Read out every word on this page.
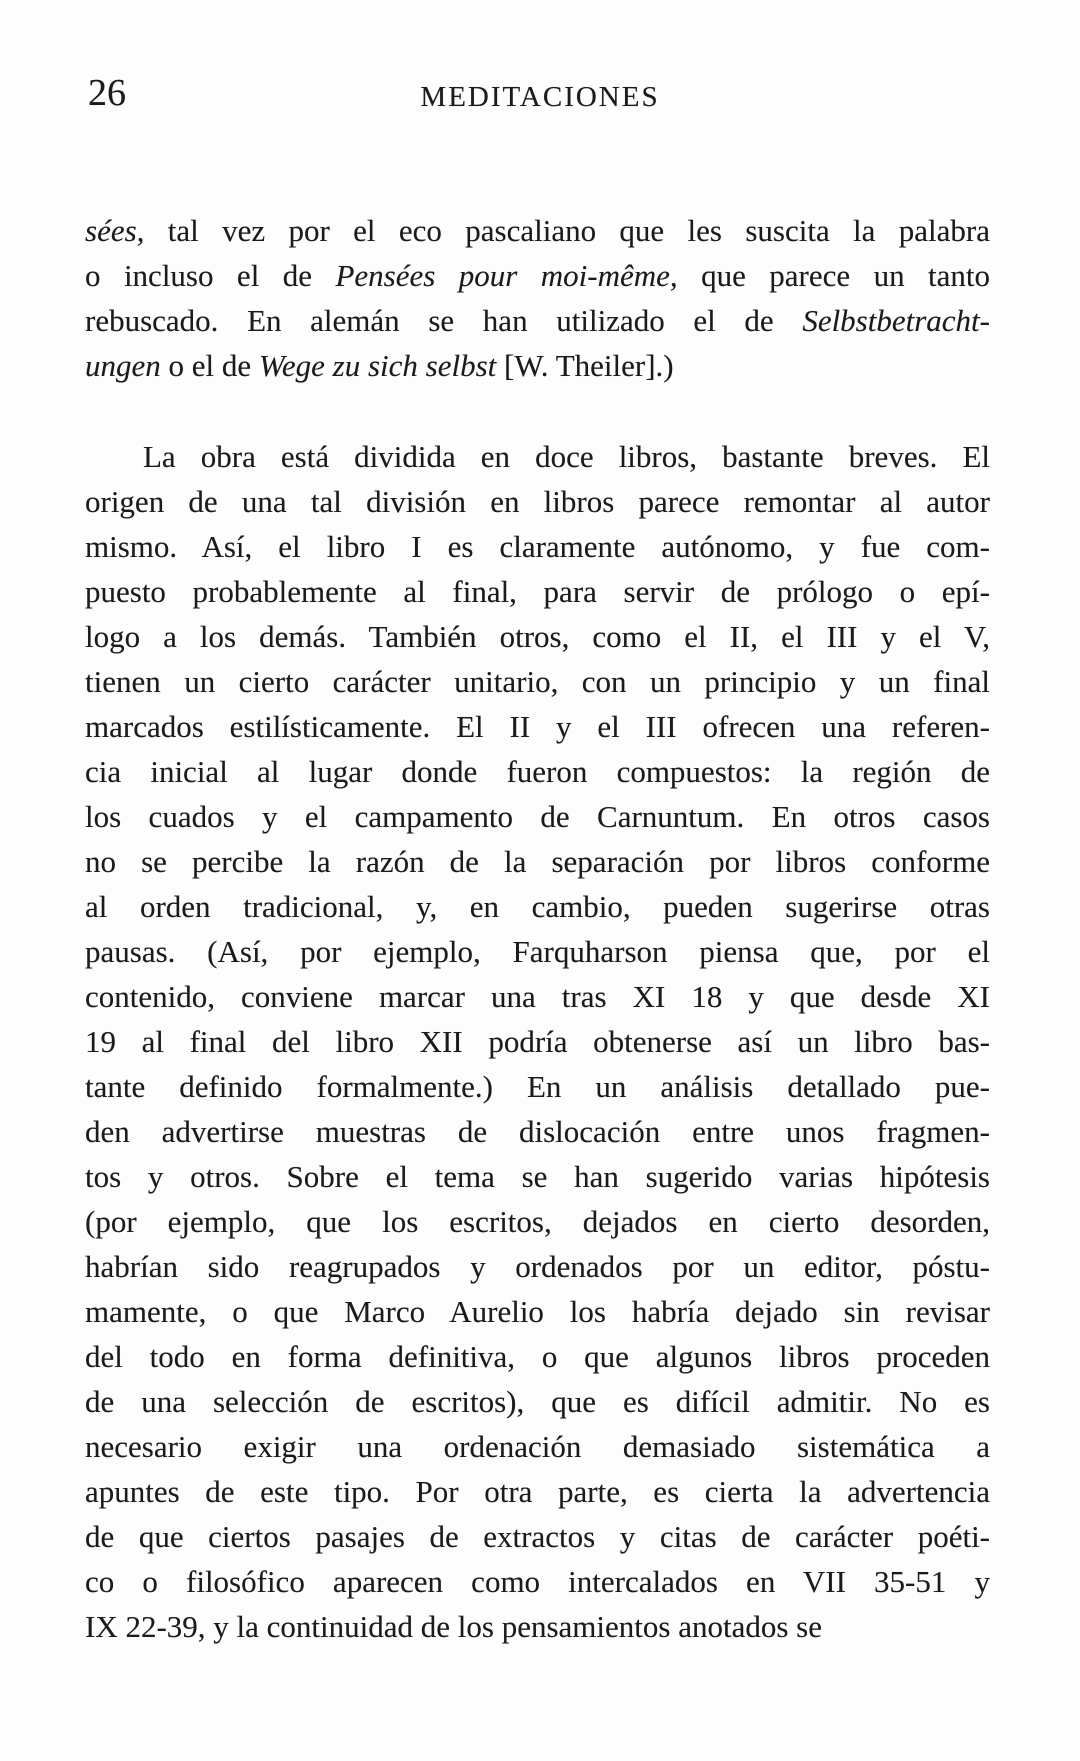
26	MEDITACIONES
sées, tal vez por el eco pascaliano que les suscita la palabra
o incluso el de Pensées pour moi-même, que parece un tanto
rebuscado. En alemán se han utilizado el de Selbstbetracht-
ungen o el de Wege zu sich selbst [W. Theiler].)
La obra está dividida en doce libros, bastante breves. El
origen de una tal división en libros parece remontar al autor
mismo. Así, el libro I es claramente autónomo, y fue com-
puesto probablemente al final, para servir de prólogo o epí-
logo a los demás. También otros, como el II, el III y el V,
tienen un cierto carácter unitario, con un principio y un final
marcados estilísticamente. El II y el III ofrecen una referen-
cia inicial al lugar donde fueron compuestos: la región de
los cuados y el campamento de Carnuntum. En otros casos
no se percibe la razón de la separación por libros conforme
al orden tradicional, y, en cambio, pueden sugerirse otras
pausas. (Así, por ejemplo, Farquharson piensa que, por el
contenido, conviene marcar una tras XI 18 y que desde XI
19 al final del libro XII podría obtenerse así un libro bas-
tante definido formalmente.) En un análisis detallado pue-
den advertirse muestras de dislocación entre unos fragmen-
tos y otros. Sobre el tema se han sugerido varias hipótesis
(por ejemplo, que los escritos, dejados en cierto desorden,
habrían sido reagrupados y ordenados por un editor, póstu-
mamente, o que Marco Aurelio los habría dejado sin revisar
del todo en forma definitiva, o que algunos libros proceden
de una selección de escritos), que es difícil admitir. No es
necesario exigir una ordenación demasiado sistemática a
apuntes de este tipo. Por otra parte, es cierta la advertencia
de que ciertos pasajes de extractos y citas de carácter poéti-
co o filosófico aparecen como intercalados en VII 35-51 y
IX 22-39, y la continuidad de los pensamientos anotados se
